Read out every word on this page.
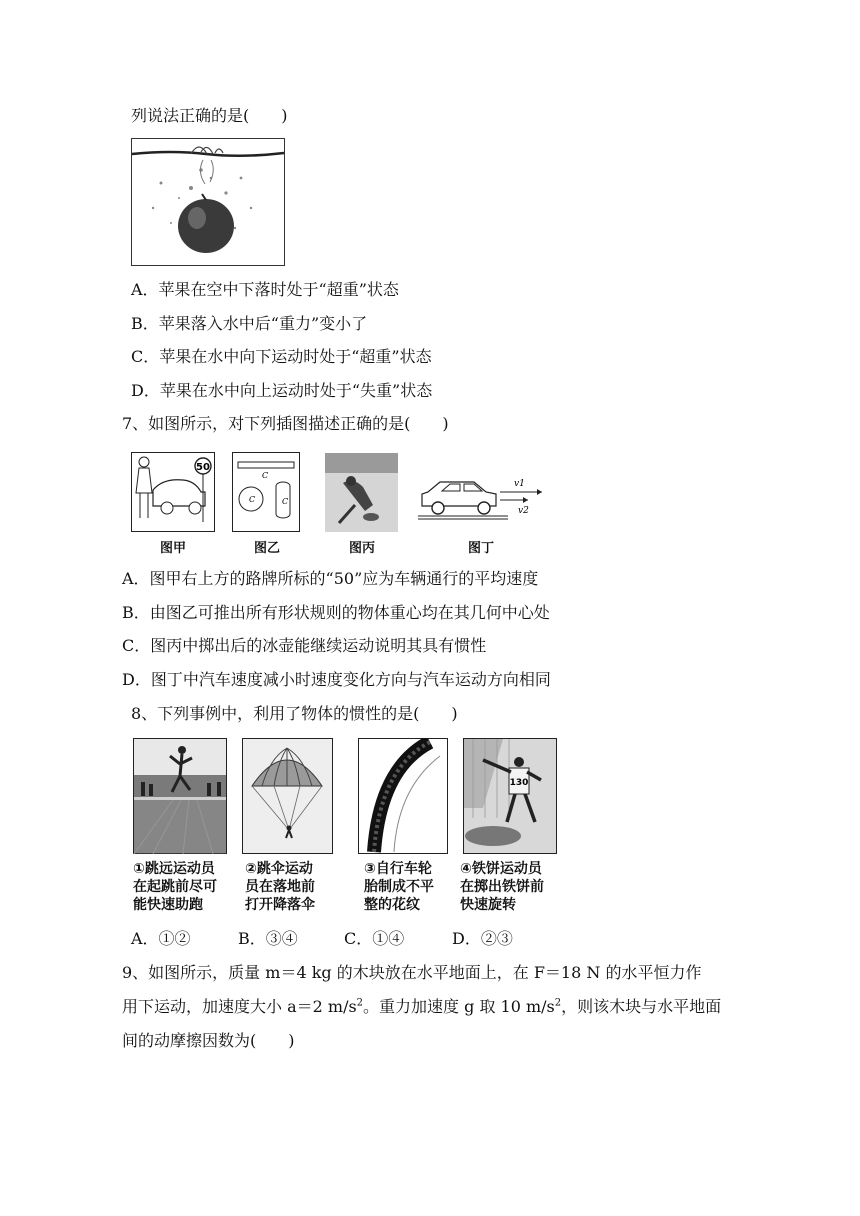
列说法正确的是(　　)
A．苹果在空中下落时处于“超重”状态
B．苹果落入水中后“重力”变小了
C．苹果在水中向下运动时处于“超重”状态
D．苹果在水中向上运动时处于“失重”状态
7、如图所示，对下列插图描述正确的是(　　)
50
C
C	C
v1
v2
图甲	图乙	图丙	图丁
A．图甲右上方的路牌所标的“50”应为车辆通行的平均速度
B．由图乙可推出所有形状规则的物体重心均在其几何中心处
C．图丙中掷出后的冰壶能继续运动说明其具有惯性
D．图丁中汽车速度减小时速度变化方向与汽车运动方向相同
8、下列事例中，利用了物体的惯性的是(　　)
130
①跳远运动员
在起跳前尽可
能快速助跑
②跳伞运动
员在落地前
打开降落伞
③自行车轮
胎制成不平
整的花纹
④铁饼运动员
在掷出铁饼前
快速旋转
A．①②	B．③④	C．①④	D．②③
9、如图所示，质量 m＝4 kg 的木块放在水平地面上，在 F＝18 N 的水平恒力作
用下运动，加速度大小 a＝2 $m/s^2$。重力加速度 g 取 10 $m/s^2$，则该木块与水平地面
间的动摩擦因数为(　　)
